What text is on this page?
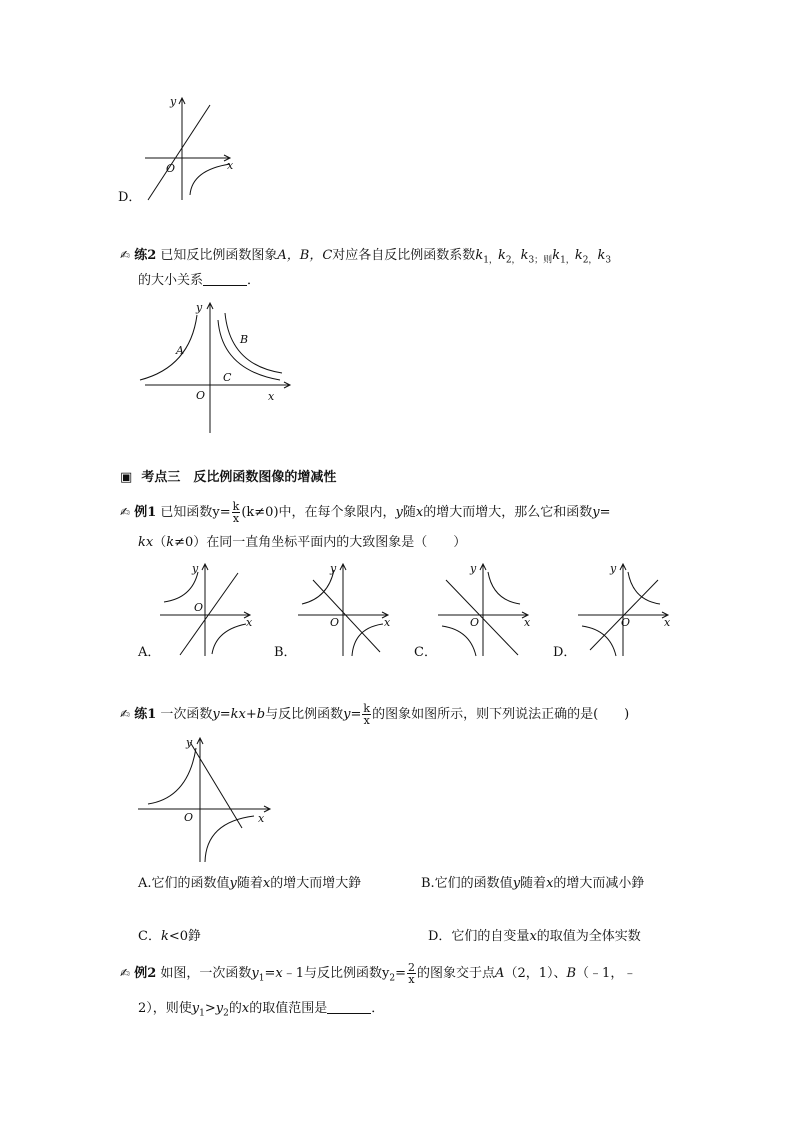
y
x
O
D．
✍ 练2 已知反比例函数图象A，B，C对应各自反比例函数系数$k_{1,}k_{2,}k_{3;则}k_{1,}k_{2,}k_3$
的大小关系	．
y
x
O
A
B
C
▣ 考点三　反比例函数图像的增减性
✍ 例1 已知函数$y= \frac{k}{x} (k\ne 0)$中，在每个象限内，y随x的增大而增大，那么它和函数y=
kx（k≠0）在同一直角坐标平面内的大致图象是（　　）
y
x
O
y
x
O
y
x
O
y
x
O
A．	B．	C．	D．
✍ 练1 一次函数y=kx+b与反比例函数$y= \frac{k}{x}$ 的图象如图所示，则下列说法正确的是(　　)
y
x
O
A.它们的函数值y随着x的增大而增大錚	B.它们的函数值y随着x的增大而减小錚
C．k<0錚	D．它们的自变量x的取值为全体实数
✍ 例2 如图，一次函数$y_1=x﹣1$与反比例函数$y_2= \frac{2}{x}$ 的图象交于点A（2，1）、B（﹣1，﹣
2），则使$y_1>y_2$的x的取值范围是	．
